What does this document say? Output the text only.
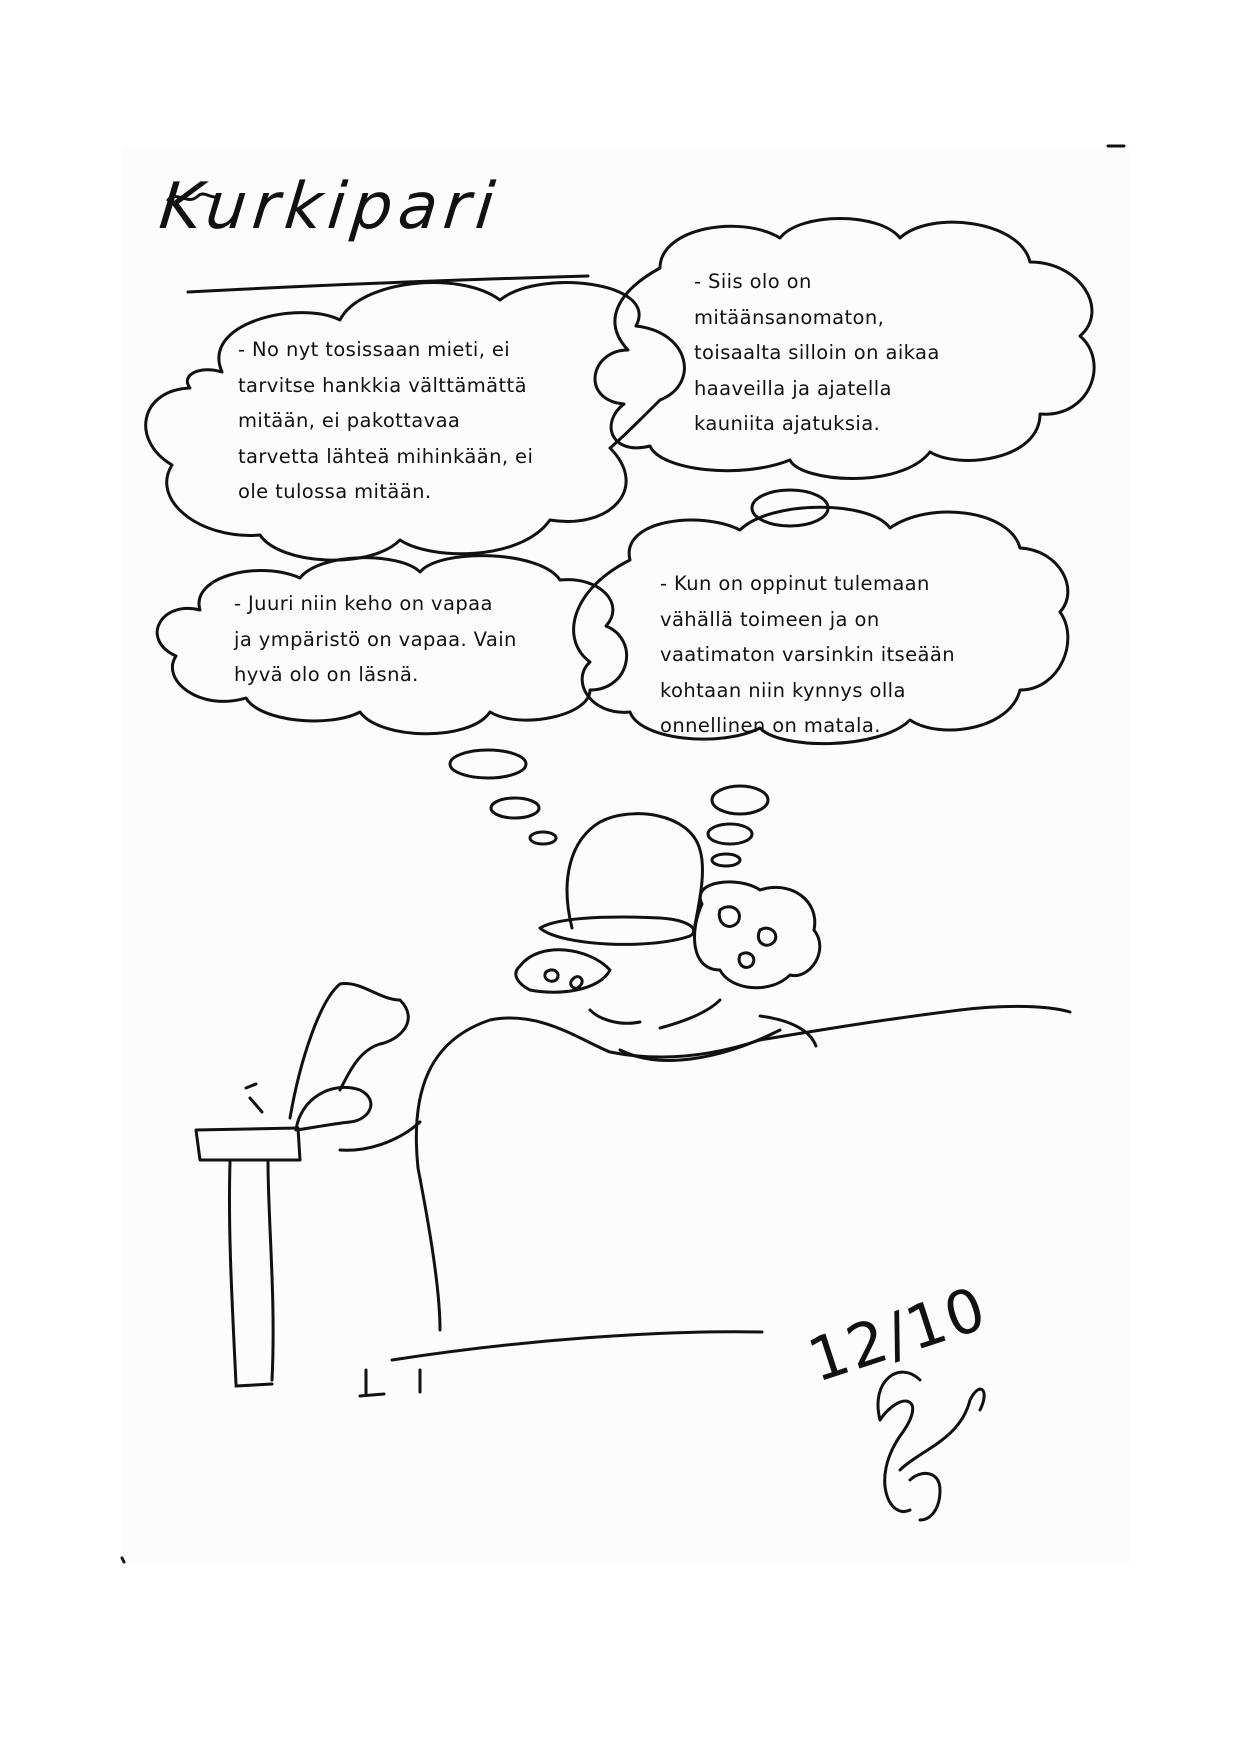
Kurkipari
- No nyt tosissaan mieti, ei
tarvitse hankkia välttämättä
mitään, ei pakottavaa
tarvetta lähteä mihinkään, ei
ole tulossa mitään.
- Siis olo on
mitäänsanomaton,
toisaalta silloin on aikaa
haaveilla ja ajatella
kauniita ajatuksia.
- Juuri niin keho on vapaa
ja ympäristö on vapaa. Vain
hyvä olo on läsnä.
- Kun on oppinut tulemaan
vähällä toimeen ja on
vaatimaton varsinkin itseään
kohtaan niin kynnys olla
onnellinen on matala.
12/10
